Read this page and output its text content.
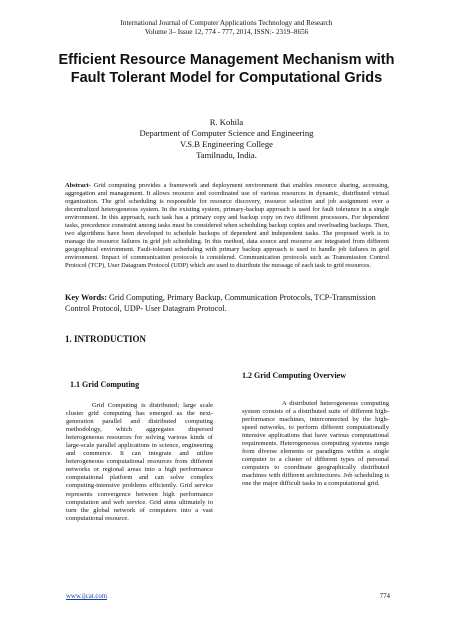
International Journal of Computer Applications Technology and Research
Volume 3– Issue 12, 774 - 777, 2014, ISSN:- 2319–8656
Efficient Resource Management Mechanism with Fault Tolerant Model for Computational Grids
R. Kohila
Department of Computer Science and Engineering
V.S.B Engineering College
Tamilnadu, India.
Abstract- Grid computing provides a framework and deployment environment that enables resource sharing, accessing, aggregation and management. It allows resource and coordinated use of various resources in dynamic, distributed virtual organization. The grid scheduling is responsible for resource discovery, resource selection and job assignment over a decentralized heterogeneous system. In the existing system, primary-backup approach is used for fault tolerance in a single environment. In this approach, each task has a primary copy and backup copy on two different processors. For dependent tasks, precedence constraint among tasks must be considered when scheduling backup copies and overloading backups. Then, two algorithms have been developed to schedule backups of dependent and independent tasks. The proposed work is to manage the resource failures in grid job scheduling. In this method, data source and resource are integrated from different geographical environment. Fault-tolerant scheduling with primary backup approach is used to handle job failures in grid environment. Impact of communication protocols is considered. Communication protocols such as Transmission Control Protocol (TCP), User Datagram Protocol (UDP) which are used to distribute the message of each task to grid resources.
Key Words: Grid Computing, Primary Backup, Communication Protocols, TCP-Transmission Control Protocol, UDP- User Datagram Protocol.
1. INTRODUCTION
1.1 Grid Computing
Grid Computing is distributed; large scale cluster grid computing has emerged as the next-generation parallel and distributed computing methodology, which aggregates dispersed heterogeneous resources for solving various kinds of large-scale parallel applications in science, engineering and commerce. It can integrate and utilize heterogeneous computational resources from different networks or regional areas into a high performance computational platform and can solve complex computing-intensive problems efficiently. Grid service represents convergence between high performance computation and web service. Grid aims ultimately to turn the global network of computers into a vast computational resource.
1.2 Grid Computing Overview
A distributed heterogeneous computing system consists of a distributed suite of different high-performance machines, interconnected by the high-speed networks, to perform different computationally intensive applications that have various computational requirements. Heterogeneous computing systems range from diverse elements or paradigms within a single computer to a cluster of different types of personal computers to coordinate geographically distributed machines with different architectures. Job scheduling is one the major difficult tasks in a computational grid.
www.ijcat.com	774
